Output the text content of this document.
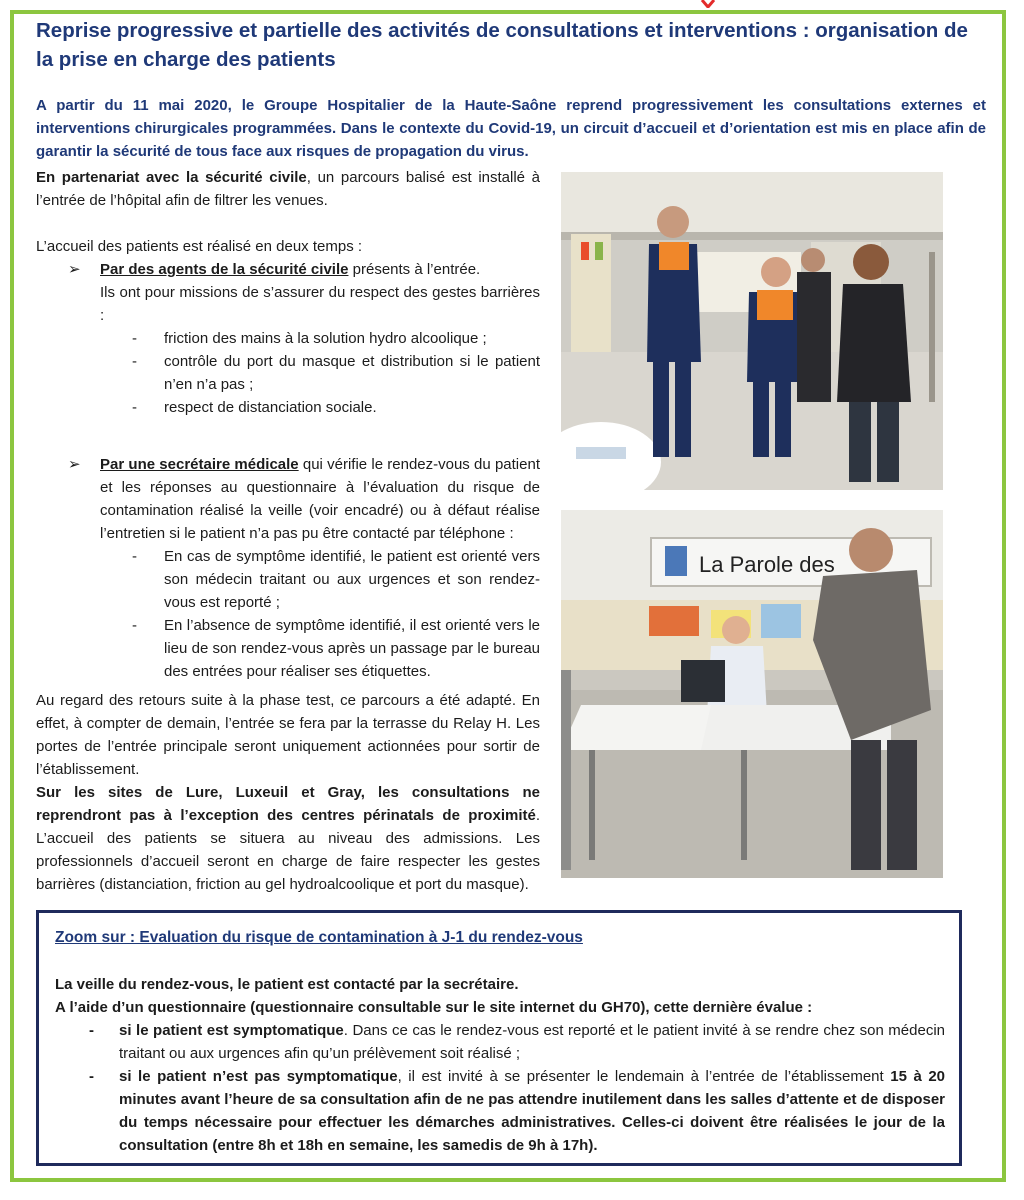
Reprise progressive et partielle des activités de consultations et interventions : organisation de la prise en charge des patients

A partir du 11 mai 2020, le Groupe Hospitalier de la Haute-Saône reprend progressivement les consultations externes et interventions chirurgicales programmées. Dans le contexte du Covid-19, un circuit d’accueil et d’orientation est mis en place afin de garantir la sécurité de tous face aux risques de propagation du virus.

En partenariat avec la sécurité civile, un parcours balisé est installé à l’entrée de l’hôpital afin de filtrer les venues.

L’accueil des patients est réalisé en deux temps :

➢	Par des agents de la sécurité civile présents à l’entrée.

Ils ont pour missions de s’assurer du respect des gestes barrières :

- friction des mains à la solution hydro alcoolique ;
- contrôle du port du masque et distribution si le patient n’en n’a pas ;
- respect de distanciation sociale.
➢	Par une secrétaire médicale qui vérifie le rendez-vous du patient et les réponses au questionnaire à l’évaluation du risque de contamination réalisé la veille (voir encadré) ou à défaut réalise l’entretien si le patient n’a pas pu être contacté par téléphone :

- En cas de symptôme identifié, le patient est orienté vers son médecin traitant ou aux urgences et son rendez-vous est reporté ;
- En l’absence de symptôme identifié, il est orienté vers le lieu de son rendez-vous après un passage par le bureau des entrées pour réaliser ses étiquettes.

Au regard des retours suite à la phase test, ce parcours a été adapté. En effet, à compter de demain, l’entrée se fera par la terrasse du Relay H. Les portes de l’entrée principale seront uniquement actionnées pour sortir de l’établissement.

Sur les sites de Lure, Luxeuil et Gray, les consultations ne reprendront pas à l’exception des centres périnatals de proximité. L’accueil des patients se situera au niveau des admissions. Les professionnels d’accueil seront en charge de faire respecter les gestes barrières (distanciation, friction au gel hydroalcoolique et port du masque).

La Parole des

Zoom sur : Evaluation du risque de contamination à J-1 du rendez-vous

La veille du rendez-vous, le patient est contacté par la secrétaire.

A l’aide d’un questionnaire (questionnaire consultable sur le site internet du GH70), cette dernière évalue :

- si le patient est symptomatique. Dans ce cas le rendez-vous est reporté et le patient invité à se rendre chez son médecin traitant ou aux urgences afin qu’un prélèvement soit réalisé ;
- si le patient n’est pas symptomatique, il est invité à se présenter le lendemain à l’entrée de l’établissement 15 à 20 minutes avant l’heure de sa consultation afin de ne pas attendre inutilement dans les salles d’attente et de disposer du temps nécessaire pour effectuer les démarches administratives. Celles-ci doivent être réalisées le jour de la consultation (entre 8h et 18h en semaine, les samedis de 9h à 17h).
